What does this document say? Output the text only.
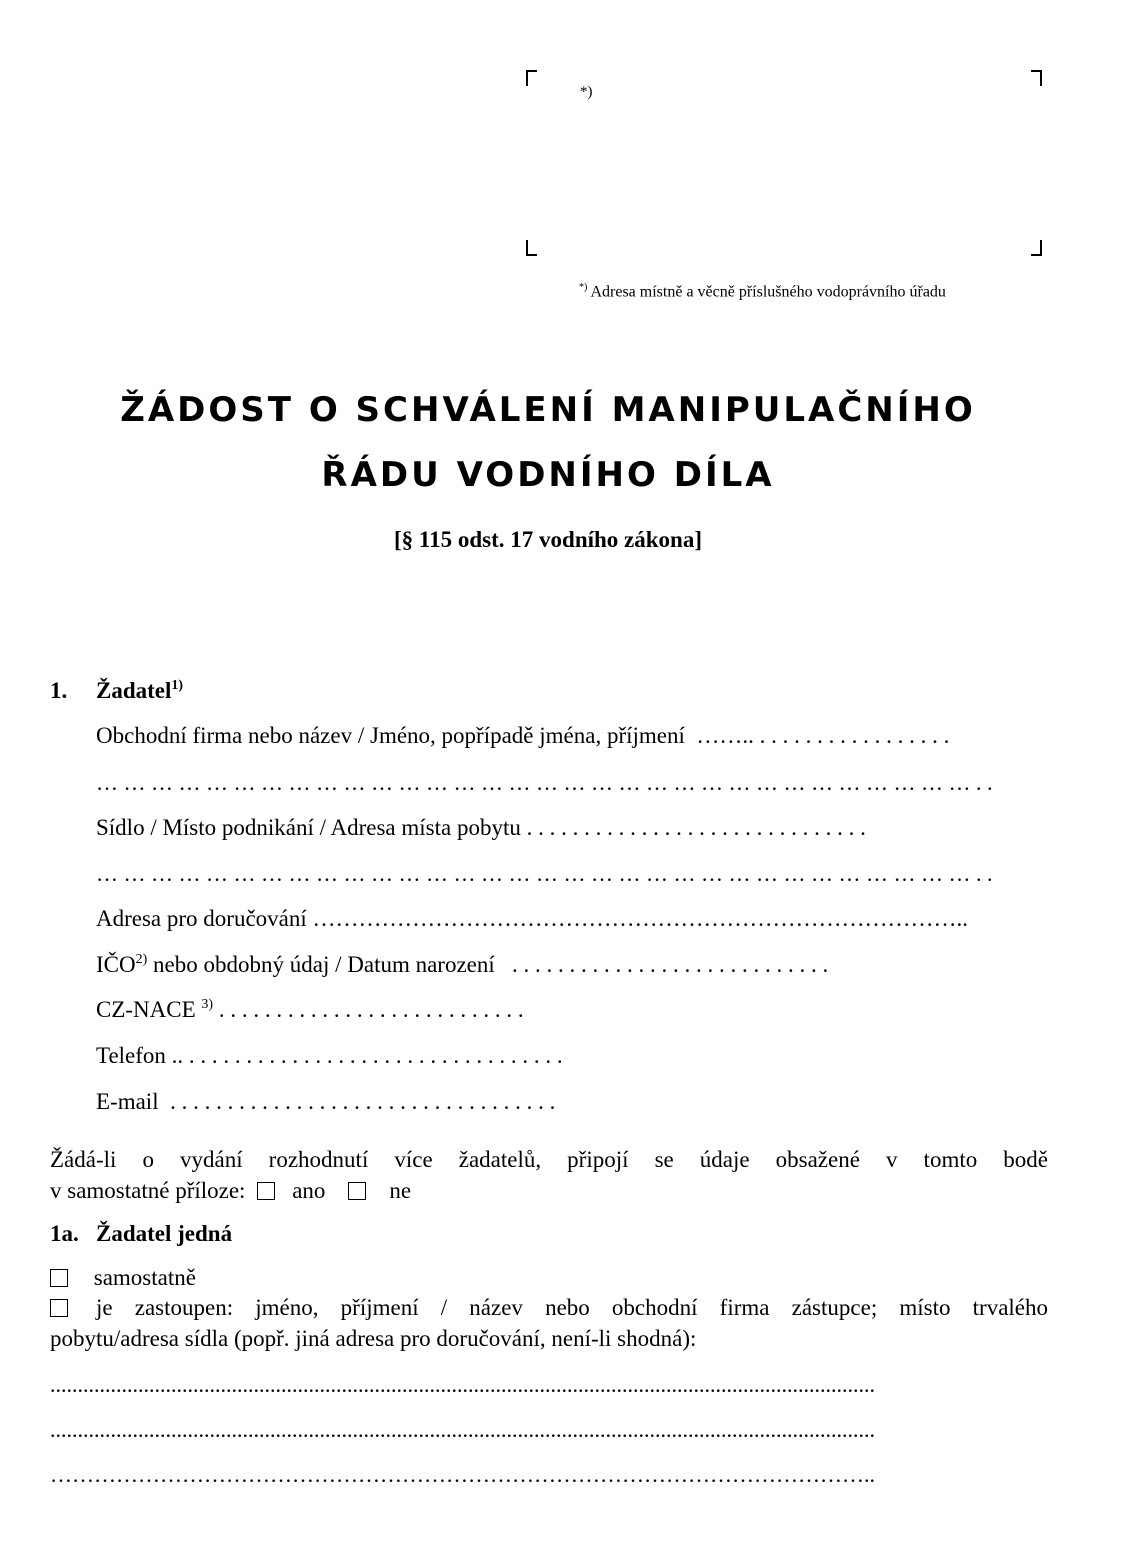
*)
*) Adresa místně a věcně příslušného vodoprávního úřadu
ŽÁDOST O SCHVÁLENÍ MANIPULAČNÍHO
ŘÁDU VODNÍHO DÍLA
[§ 115 odst. 17 vodního zákona]
1. Žadatel$^{1)}$
Obchodní firma nebo název / Jméno, popřípadě jména, příjmení …….. . . . . . . . . . . . . . . . . .
… … … … … … … … … … … … … … … … … … … … … … … … … … … … … … … … . .
Sídlo / Místo podnikání / Adresa místa pobytu . . . . . . . . . . . . . . . . . . . . . . . . . . . . . .
… … … … … … … … … … … … … … … … … … … … … … … … … … … … … … … … . .
Adresa pro doručování …………………………………………………………………………..
IČO$^{2)}$ nebo obdobný údaj / Datum narození . . . . . . . . . . . . . . . . . . . . . . . . . . . .
CZ-NACE $^{3)}$ . . . . . . . . . . . . . . . . . . . . . . . . . . .
Telefon .. . . . . . . . . . . . . . . . . . . . . . . . . . . . . . . . . .
E-mail . . . . . . . . . . . . . . . . . . . . . . . . . . . . . . . . . .
Žádá-li o vydání rozhodnutí více žadatelů, připojí se údaje obsažené v tomto bodě
v samostatné příloze: ano	ne
1a. Žadatel jedná
samostatně
je zastoupen: jméno, příjmení / název nebo obchodní firma zástupce; místo trvalého
pobytu/adresa sídla (popř. jiná adresa pro doručování, není-li shodná):
......................................................................................................................................................
......................................................................................................................................................
…………………………………………………………………………………………………..
